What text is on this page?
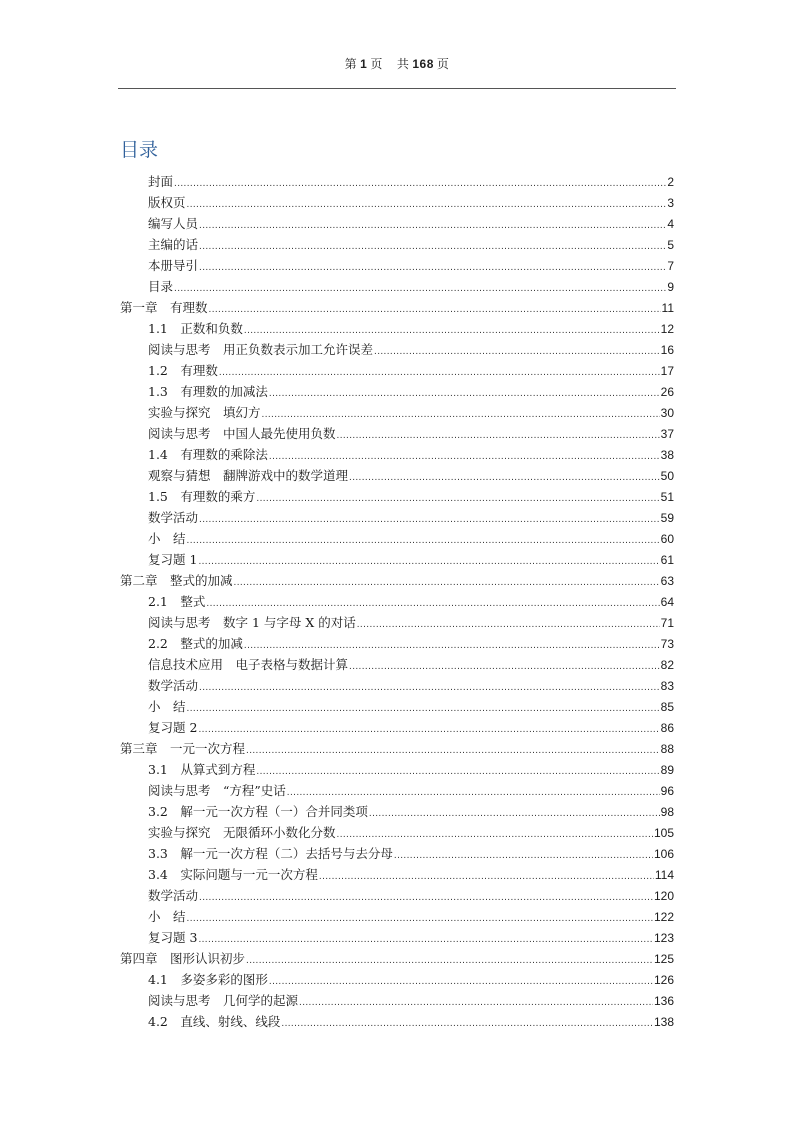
第 1 页 共 168 页
目录
封面 .....	2
版权页 .....	3
编写人员 .....	4
主编的话 .....	5
本册导引 .....	7
目录 .....	9
第一章　有理数 .....	11
1.1　正数和负数 .....	12
阅读与思考　用正负数表示加工允许误差 .....	16
1.2　有理数 .....	17
1.3　有理数的加减法 .....	26
实验与探究　填幻方 .....	30
阅读与思考　中国人最先使用负数 .....	37
1.4　有理数的乘除法 .....	38
观察与猜想　翻牌游戏中的数学道理 .....	50
1.5　有理数的乘方 .....	51
数学活动 .....	59
小　结 .....	60
复习题 1 .....	61
第二章　整式的加减 .....	63
2.1　整式 .....	64
阅读与思考　数字 1 与字母 X 的对话 .....	71
2.2　整式的加减 .....	73
信息技术应用　电子表格与数据计算 .....	82
数学活动 .....	83
小　结 .....	85
复习题 2 .....	86
第三章　一元一次方程 .....	88
3.1　从算式到方程 .....	89
阅读与思考　“方程”史话 .....	96
3.2　解一元一次方程（一）合并同类项 .....	98
实验与探究　无限循环小数化分数 .....	105
3.3　解一元一次方程（二）去括号与去分母 .....	106
3.4　实际问题与一元一次方程 .....	114
数学活动 .....	120
小　结 .....	122
复习题 3 .....	123
第四章　图形认识初步 .....	125
4.1　多姿多彩的图形 .....	126
阅读与思考　几何学的起源 .....	136
4.2　直线、射线、线段 .....	138
